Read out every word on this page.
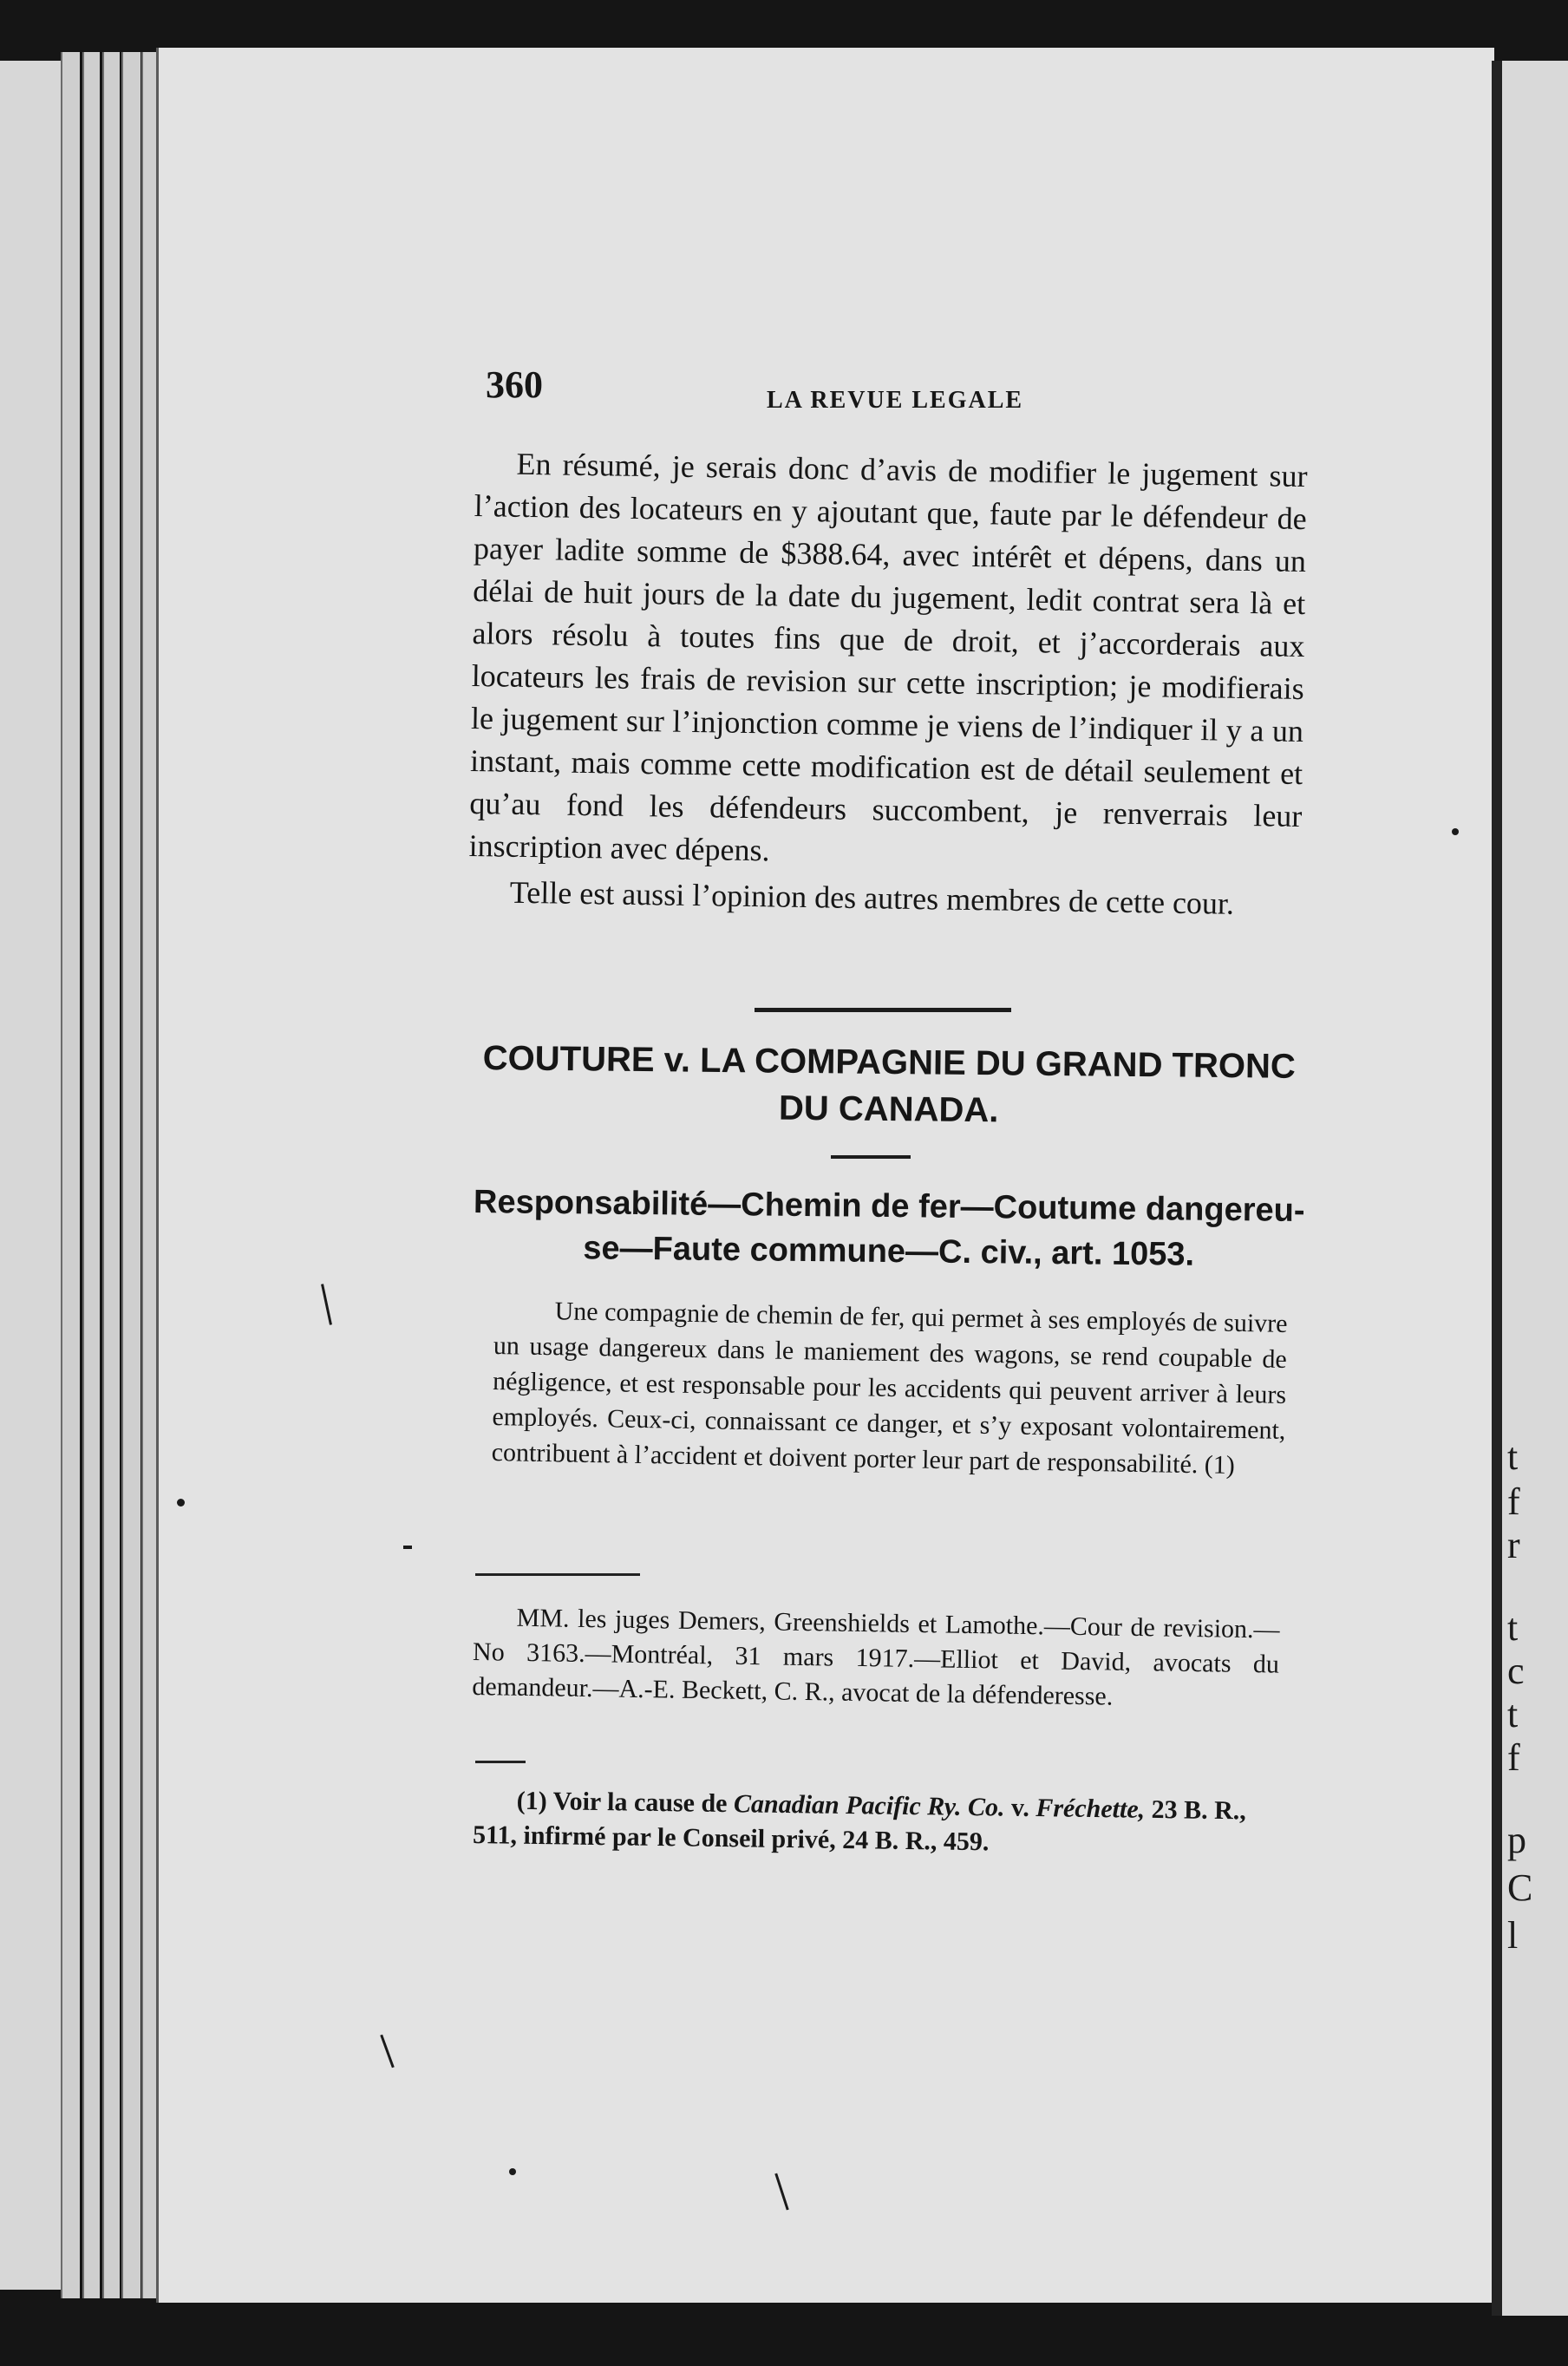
t
f
r
t
c
t
f
p
C
l
360	LA REVUE LEGALE

En résumé, je serais donc d’avis de modifier le jugement sur l’action des locateurs en y ajoutant que, faute par le défendeur de payer ladite somme de $388.64, avec intérêt et dépens, dans un délai de huit jours de la date du jugement, ledit contrat sera là et alors résolu à toutes fins que de droit, et j’accorderais aux locateurs les frais de revision sur cette inscription; je modifierais le jugement sur l’injonction comme je viens de l’indiquer il y a un instant, mais comme cette modification est de détail seulement et qu’au fond les défendeurs succombent, je renverrais leur inscription avec dépens.

Telle est aussi l’opinion des autres membres de cette cour.

COUTURE v. LA COMPAGNIE DU GRAND TRONC
DU CANADA.
Responsabilité—Chemin de fer—Coutume dangereu-
se—Faute commune—C. civ., art. 1053.
Une compagnie de chemin de fer, qui permet à ses employés de suivre un usage dangereux dans le maniement des wagons, se rend coupable de négligence, et est responsable pour les accidents qui peuvent arriver à leurs employés. Ceux-ci, connaissant ce danger, et s’y exposant volontairement, contribuent à l’accident et doivent porter leur part de responsabilité. (1)
MM. les juges Demers, Greenshields et Lamothe.—Cour de revision.—No 3163.—Montréal, 31 mars 1917.—Elliot et David, avocats du demandeur.—A.-E. Beckett, C. R., avocat de la défenderesse.
(1) Voir la cause de Canadian Pacific Ry. Co. v. Fréchette, 23 B. R., 511, infirmé par le Conseil privé, 24 B. R., 459.
